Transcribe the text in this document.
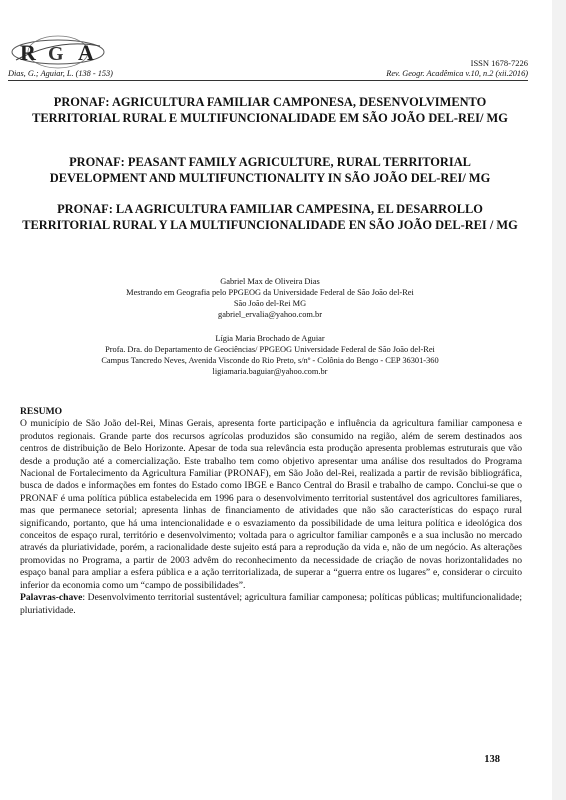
R G A	ISSN 1678-7226
Dias, G.; Aguiar, L. (138 - 153)	Rev. Geogr. Acadêmica v.10, n.2 (xii.2016)
PRONAF: AGRICULTURA FAMILIAR CAMPONESA, DESENVOLVIMENTO TERRITORIAL RURAL E MULTIFUNCIONALIDADE EM SÃO JOÃO DEL-REI/ MG
PRONAF: PEASANT FAMILY AGRICULTURE, RURAL TERRITORIAL DEVELOPMENT AND MULTIFUNCTIONALITY IN SÃO JOÃO DEL-REI/ MG
PRONAF: LA AGRICULTURA FAMILIAR CAMPESINA, EL DESARROLLO TERRITORIAL RURAL Y LA MULTIFUNCIONALIDADE EN SÃO JOÃO DEL-REI / MG
Gabriel Max de Oliveira Dias
Mestrando em Geografia pelo PPGEOG da Universidade Federal de São João del-Rei
São João del-Rei MG
gabriel_ervalia@yahoo.com.br
Lígia Maria Brochado de Aguiar
Profa. Dra. do Departamento de Geociências/ PPGEOG Universidade Federal de São João del-Rei
Campus Tancredo Neves, Avenida Visconde do Rio Preto, s/nº - Colônia do Bengo - CEP 36301-360
ligiamaria.baguiar@yahoo.com.br
RESUMO

O município de São João del-Rei, Minas Gerais, apresenta forte participação e influência da agricultura familiar camponesa e produtos regionais. Grande parte dos recursos agrícolas produzidos são consumido na região, além de serem destinados aos centros de distribuição de Belo Horizonte. Apesar de toda sua relevância esta produção apresenta problemas estruturais que vão desde a produção até a comercialização. Este trabalho tem como objetivo apresentar uma análise dos resultados do Programa Nacional de Fortalecimento da Agricultura Familiar (PRONAF), em São João del-Rei, realizada a partir de revisão bibliográfica, busca de dados e informações em fontes do Estado como IBGE e Banco Central do Brasil e trabalho de campo. Conclui-se que o PRONAF é uma política pública estabelecida em 1996 para o desenvolvimento territorial sustentável dos agricultores familiares, mas que permanece setorial; apresenta linhas de financiamento de atividades que não são características do espaço rural significando, portanto, que há uma intencionalidade e o esvaziamento da possibilidade de uma leitura política e ideológica dos conceitos de espaço rural, território e desenvolvimento; voltada para o agricultor familiar camponês e a sua inclusão no mercado através da pluriatividade, porém, a racionalidade deste sujeito está para a reprodução da vida e, não de um negócio. As alterações promovidas no Programa, a partir de 2003 advêm do reconhecimento da necessidade de criação de novas horizontalidades no espaço banal para ampliar a esfera pública e a ação territorializada, de superar a “guerra entre os lugares” e, considerar o circuito inferior da economia como um “campo de possibilidades”.

Palavras-chave: Desenvolvimento territorial sustentável; agricultura familiar camponesa; políticas públicas; multifuncionalidade; pluriatividade.

138
